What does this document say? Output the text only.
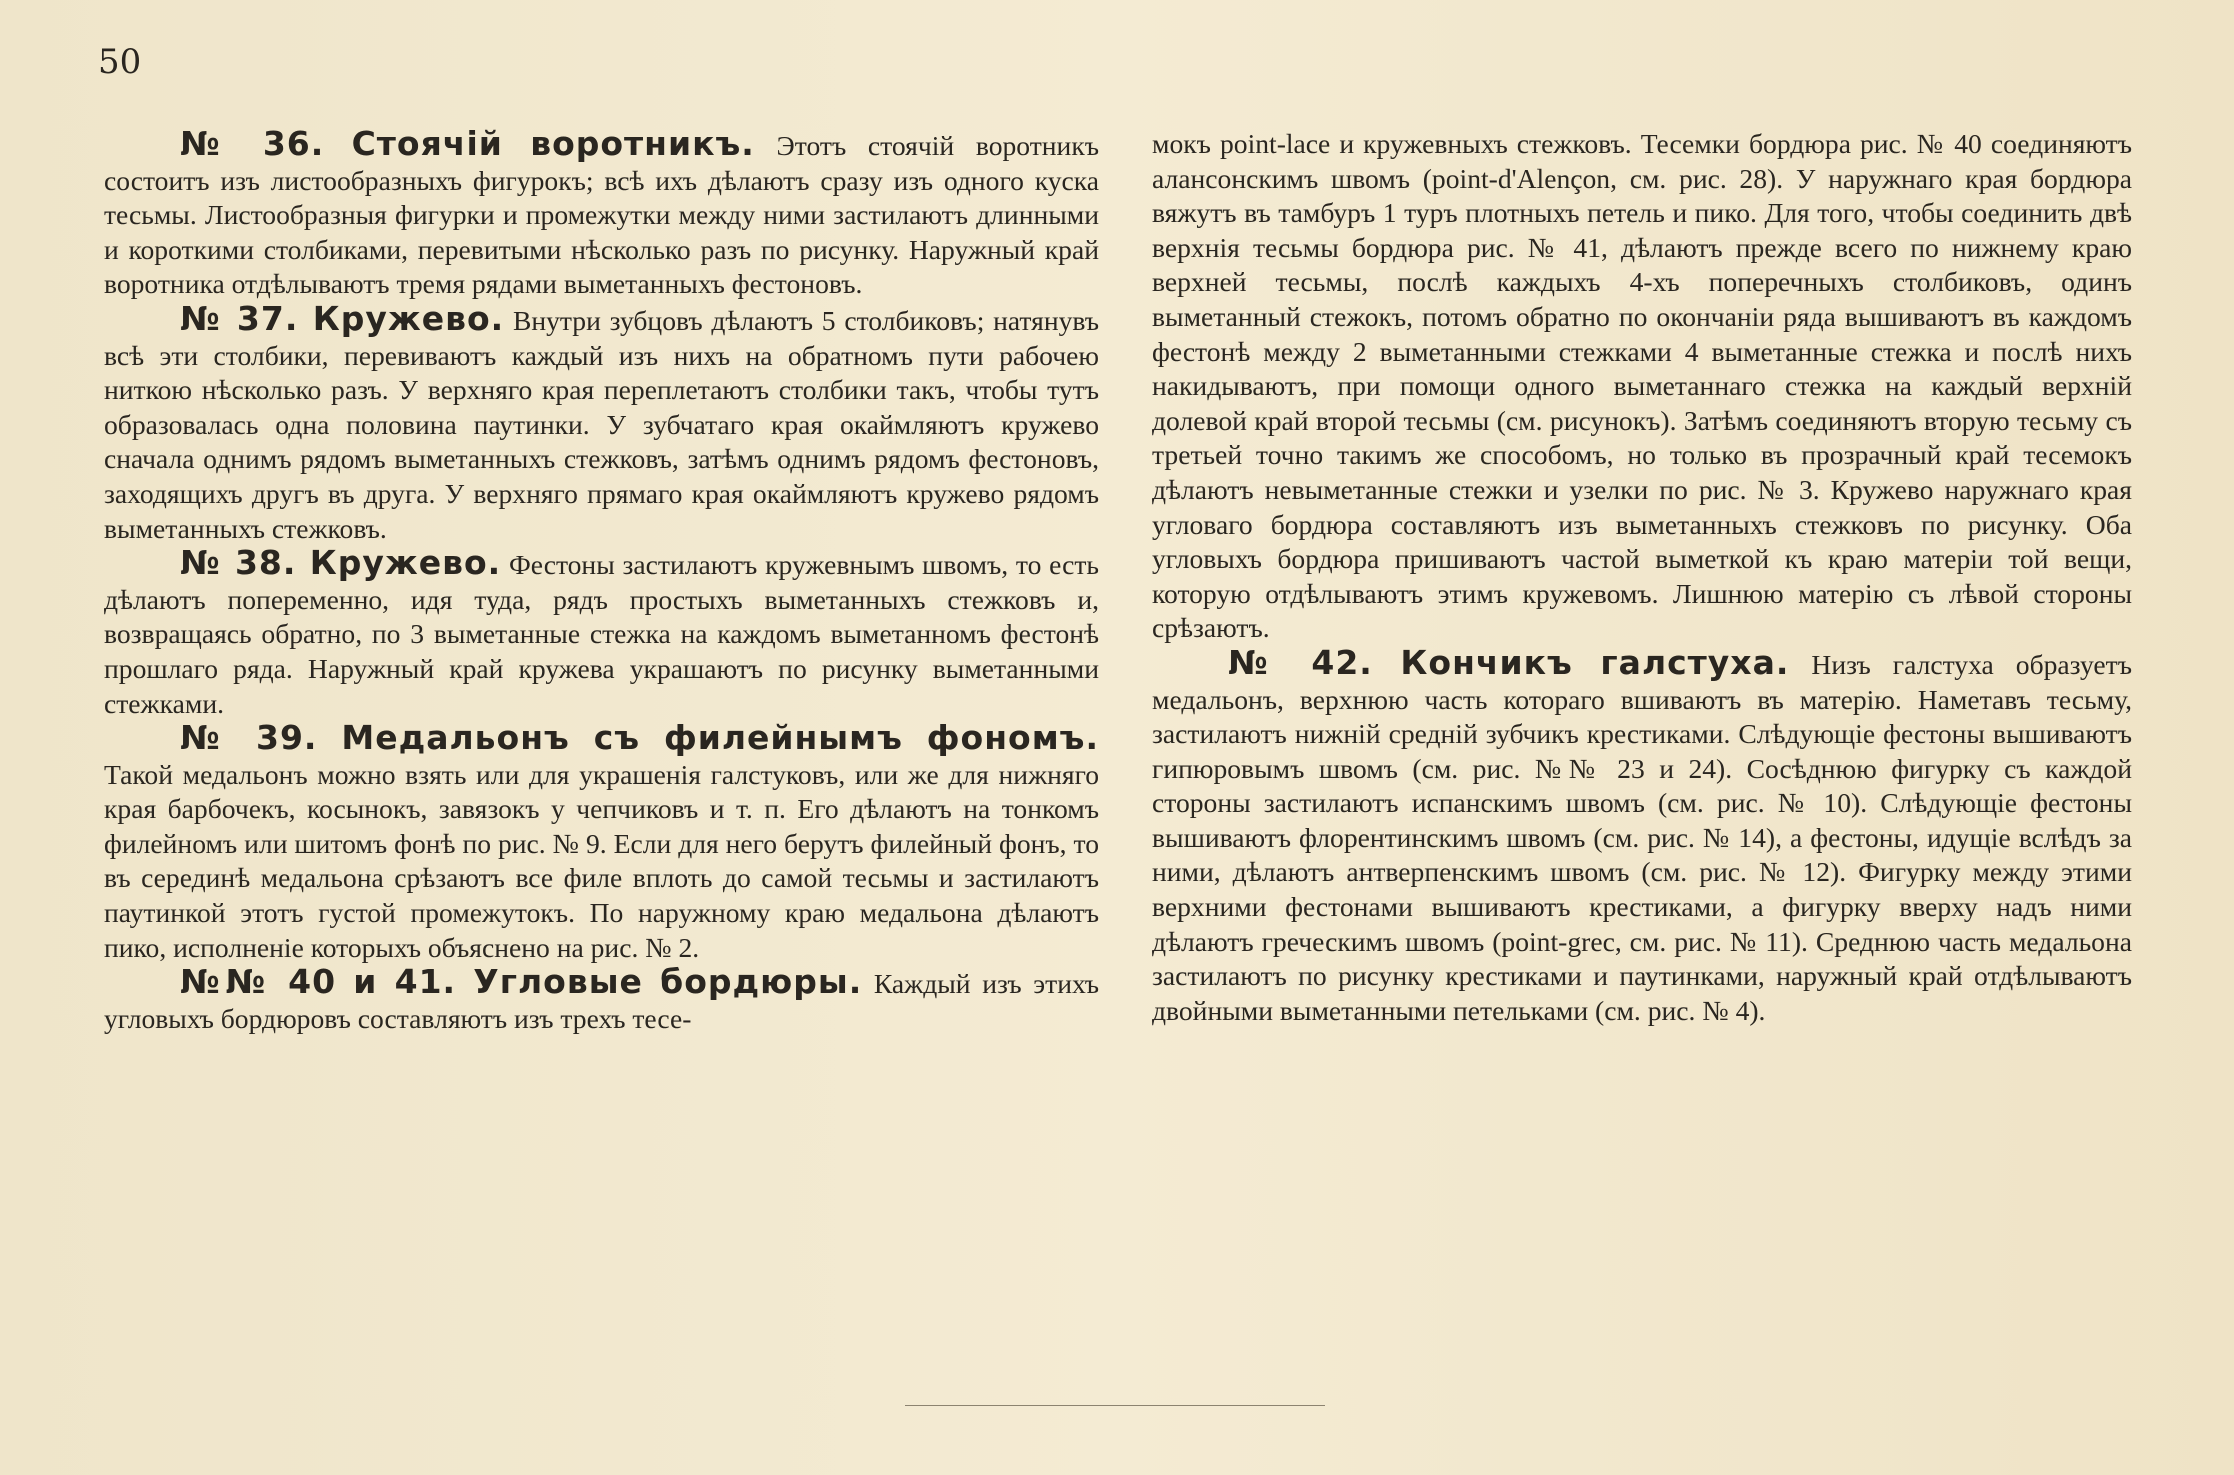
50

№ 36. Стоячій воротникъ. Этотъ стоячій воротникъ состоитъ изъ листообразныхъ фигурокъ; всѣ ихъ дѣлаютъ сразу изъ одного куска тесьмы. Листообразныя фигурки и промежутки между ними застилаютъ длинными и короткими столбиками, перевитыми нѣсколько разъ по рисунку. Наружный край воротника отдѣлываютъ тремя рядами выметанныхъ фестоновъ.

№ 37. Кружево. Внутри зубцовъ дѣлаютъ 5 столбиковъ; натянувъ всѣ эти столбики, перевиваютъ каждый изъ нихъ на обратномъ пути рабочею ниткою нѣсколько разъ. У верхняго края переплетаютъ столбики такъ, чтобы тутъ образовалась одна половина паутинки. У зубчатаго края окаймляютъ кружево сначала однимъ рядомъ выметанныхъ стежковъ, затѣмъ однимъ рядомъ фестоновъ, заходящихъ другъ въ друга. У верхняго прямаго края окаймляютъ кружево рядомъ выметанныхъ стежковъ.

№ 38. Кружево. Фестоны застилаютъ кружевнымъ швомъ, то есть дѣлаютъ попеременно, идя туда, рядъ простыхъ выметанныхъ стежковъ и, возвращаясь обратно, по 3 выметанные стежка на каждомъ выметанномъ фестонѣ прошлаго ряда. Наружный край кружева украшаютъ по рисунку выметанными стежками.

№ 39. Медальонъ съ филейнымъ фономъ. Такой медальонъ можно взять или для украшенія галстуковъ, или же для нижняго края барбочекъ, косынокъ, завязокъ у чепчиковъ и т. п. Его дѣлаютъ на тонкомъ филейномъ или шитомъ фонѣ по рис. № 9. Если для него берутъ филейный фонъ, то въ серединѣ медальона срѣзаютъ все филе вплоть до самой тесьмы и застилаютъ паутинкой этотъ густой промежутокъ. По наружному краю медальона дѣлаютъ пико, исполненіе которыхъ объяснено на рис. № 2.

№№ 40 и 41. Угловые бордюры. Каждый изъ этихъ угловыхъ бордюровъ составляютъ изъ трехъ тесе-

мокъ point-lace и кружевныхъ стежковъ. Тесемки бордюра рис. № 40 соединяютъ алансонскимъ швомъ (point-d'Alençon, см. рис. 28). У наружнаго края бордюра вяжутъ въ тамбуръ 1 туръ плотныхъ петель и пико. Для того, чтобы соединить двѣ верхнія тесьмы бордюра рис. № 41, дѣлаютъ прежде всего по нижнему краю верхней тесьмы, послѣ каждыхъ 4-хъ поперечныхъ столбиковъ, одинъ выметанный стежокъ, потомъ обратно по окончаніи ряда вышиваютъ въ каждомъ фестонѣ между 2 выметанными стежками 4 выметанные стежка и послѣ нихъ накидываютъ, при помощи одного выметаннаго стежка на каждый верхній долевой край второй тесьмы (см. рисунокъ). Затѣмъ соединяютъ вторую тесьму съ третьей точно такимъ же способомъ, но только въ прозрачный край тесемокъ дѣлаютъ невыметанные стежки и узелки по рис. № 3. Кружево наружнаго края угловаго бордюра составляютъ изъ выметанныхъ стежковъ по рисунку. Оба угловыхъ бордюра пришиваютъ частой выметкой къ краю матеріи той вещи, которую отдѣлываютъ этимъ кружевомъ. Лишнюю матерію съ лѣвой стороны срѣзаютъ.

№ 42. Кончикъ галстуха. Низъ галстуха образуетъ медальонъ, верхнюю часть котораго вшиваютъ въ матерію. Наметавъ тесьму, застилаютъ нижній средній зубчикъ крестиками. Слѣдующіе фестоны вышиваютъ гипюровымъ швомъ (см. рис. №№ 23 и 24). Сосѣднюю фигурку съ каждой стороны застилаютъ испанскимъ швомъ (см. рис. № 10). Слѣдующіе фестоны вышиваютъ флорентинскимъ швомъ (см. рис. № 14), а фестоны, идущіе вслѣдъ за ними, дѣлаютъ антверпенскимъ швомъ (см. рис. № 12). Фигурку между этими верхними фестонами вышиваютъ крестиками, а фигурку вверху надъ ними дѣлаютъ греческимъ швомъ (point-grec, см. рис. № 11). Среднюю часть медальона застилаютъ по рисунку крестиками и паутинками, наружный край отдѣлываютъ двойными выметанными петельками (см. рис. № 4).
